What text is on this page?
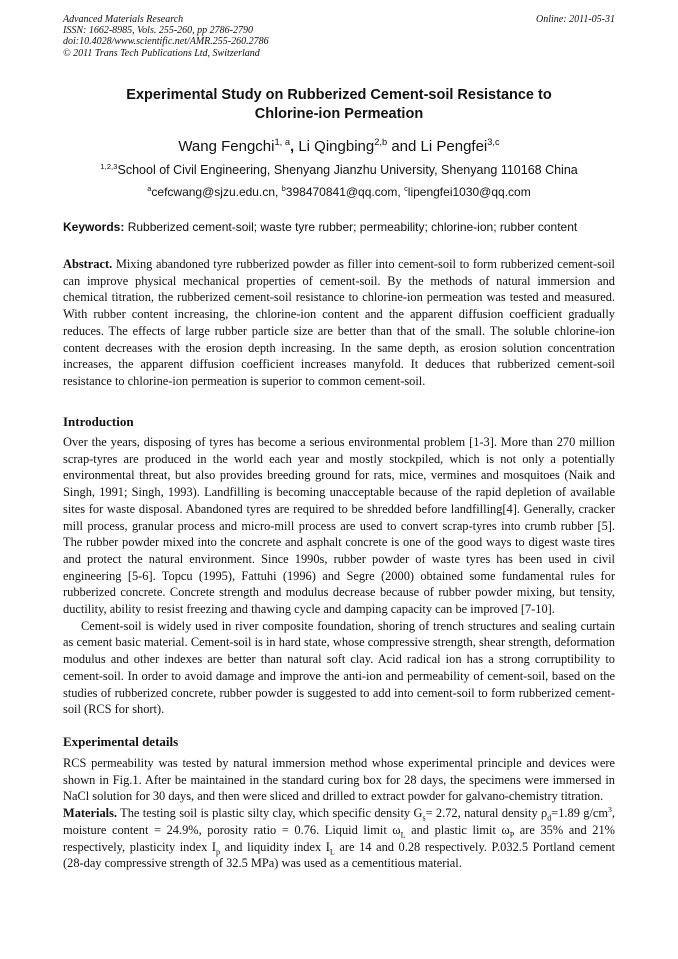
Advanced Materials Research
ISSN: 1662-8985, Vols. 255-260, pp 2786-2790
doi:10.4028/www.scientific.net/AMR.255-260.2786
© 2011 Trans Tech Publications Ltd, Switzerland
Online: 2011-05-31
Experimental Study on Rubberized Cement-soil Resistance to
Chlorine-ion Permeation
Wang Fengchi$^{1, a}$, Li Qingbing$^{2,b}$ and Li Pengfei$^{3,c}$
$^{1,2,3}$School of Civil Engineering, Shenyang Jianzhu University, Shenyang 110168 China
$^a$cefcwang@sjzu.edu.cn, $^b$398470841@qq.com, $^c$lipengfei1030@qq.com
Keywords: Rubberized cement-soil; waste tyre rubber; permeability; chlorine-ion; rubber content

Abstract. Mixing abandoned tyre rubberized powder as filler into cement-soil to form rubberized cement-soil can improve physical mechanical properties of cement-soil. By the methods of natural immersion and chemical titration, the rubberized cement-soil resistance to chlorine-ion permeation was tested and measured. With rubber content increasing, the chlorine-ion content and the apparent diffusion coefficient gradually reduces. The effects of large rubber particle size are better than that of the small. The soluble chlorine-ion content decreases with the erosion depth increasing. In the same depth, as erosion solution concentration increases, the apparent diffusion coefficient increases manyfold. It deduces that rubberized cement-soil resistance to chlorine-ion permeation is superior to common cement-soil.

Introduction

Over the years, disposing of tyres has become a serious environmental problem [1-3]. More than 270 million scrap-tyres are produced in the world each year and mostly stockpiled, which is not only a potentially environmental threat, but also provides breeding ground for rats, mice, vermines and mosquitoes (Naik and Singh, 1991; Singh, 1993). Landfilling is becoming unacceptable because of the rapid depletion of available sites for waste disposal. Abandoned tyres are required to be shredded before landfilling[4]. Generally, cracker mill process, granular process and micro-mill process are used to convert scrap-tyres into crumb rubber [5]. The rubber powder mixed into the concrete and asphalt concrete is one of the good ways to digest waste tires and protect the natural environment. Since 1990s, rubber powder of waste tyres has been used in civil engineering [5-6]. Topcu (1995), Fattuhi (1996) and Segre (2000) obtained some fundamental rules for rubberized concrete. Concrete strength and modulus decrease because of rubber powder mixing, but tensity, ductility, ability to resist freezing and thawing cycle and damping capacity can be improved [7-10].

Cement-soil is widely used in river composite foundation, shoring of trench structures and sealing curtain as cement basic material. Cement-soil is in hard state, whose compressive strength, shear strength, deformation modulus and other indexes are better than natural soft clay. Acid radical ion has a strong corruptibility to cement-soil. In order to avoid damage and improve the anti-ion and permeability of cement-soil, based on the studies of rubberized concrete, rubber powder is suggested to add into cement-soil to form rubberized cement-soil (RCS for short).

Experimental details

RCS permeability was tested by natural immersion method whose experimental principle and devices were shown in Fig.1. After be maintained in the standard curing box for 28 days, the specimens were immersed in NaCl solution for 30 days, and then were sliced and drilled to extract powder for galvano-chemistry titration.

Materials. The testing soil is plastic silty clay, which specific density $G_s= 2.72$, natural density $\rho_d=1.89$ $g/cm^3$, moisture content = 24.9%, porosity ratio = 0.76. Liquid limit $\omega_L$ and plastic limit $\omega_P$ are 35% and 21% respectively, plasticity index $I_p$ and liquidity index $I_L$ are 14 and 0.28 respectively. P.032.5 Portland cement (28-day compressive strength of 32.5 MPa) was used as a cementitious material.
